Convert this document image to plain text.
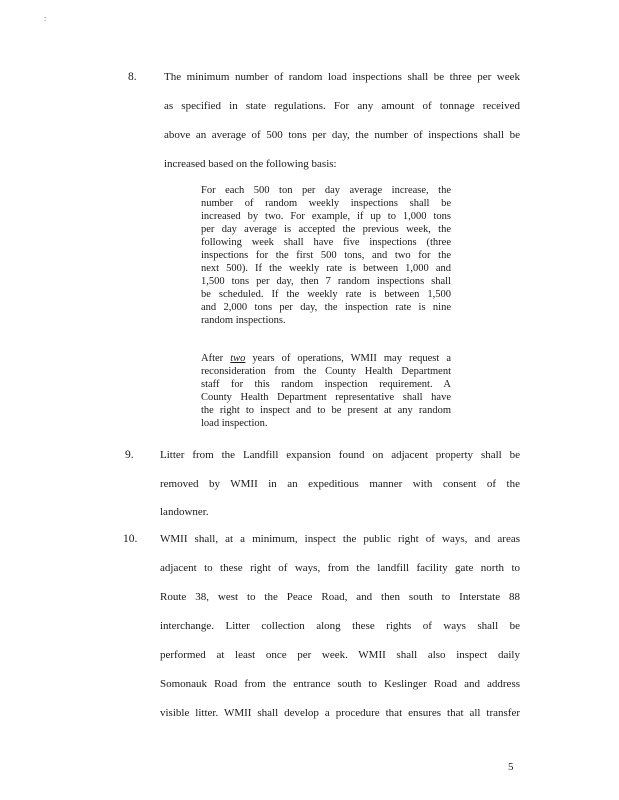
:
8. The minimum number of random load inspections shall be three per week
as specified in state regulations. For any amount of tonnage received
above an average of 500 tons per day, the number of inspections shall be
increased based on the following basis:
For each 500 ton per day average increase, the
number of random weekly inspections shall be
increased by two. For example, if up to 1,000 tons
per day average is accepted the previous week, the
following week shall have five inspections (three
inspections for the first 500 tons, and two for the
next 500). If the weekly rate is between 1,000 and
1,500 tons per day, then 7 random inspections shall
be scheduled. If the weekly rate is between 1,500
and 2,000 tons per day, the inspection rate is nine
random inspections.
After two years of operations, WMII may request a
reconsideration from the County Health Department
staff for this random inspection requirement. A
County Health Department representative shall have
the right to inspect and to be present at any random
load inspection.
9. Litter from the Landfill expansion found on adjacent property shall be
removed by WMII in an expeditious manner with consent of the
landowner.
10. WMII shall, at a minimum, inspect the public right of ways, and areas
adjacent to these right of ways, from the landfill facility gate north to
Route 38, west to the Peace Road, and then south to Interstate 88
interchange. Litter collection along these rights of ways shall be
performed at least once per week. WMII shall also inspect daily
Somonauk Road from the entrance south to Keslinger Road and address
visible litter. WMII shall develop a procedure that ensures that all transfer
5
